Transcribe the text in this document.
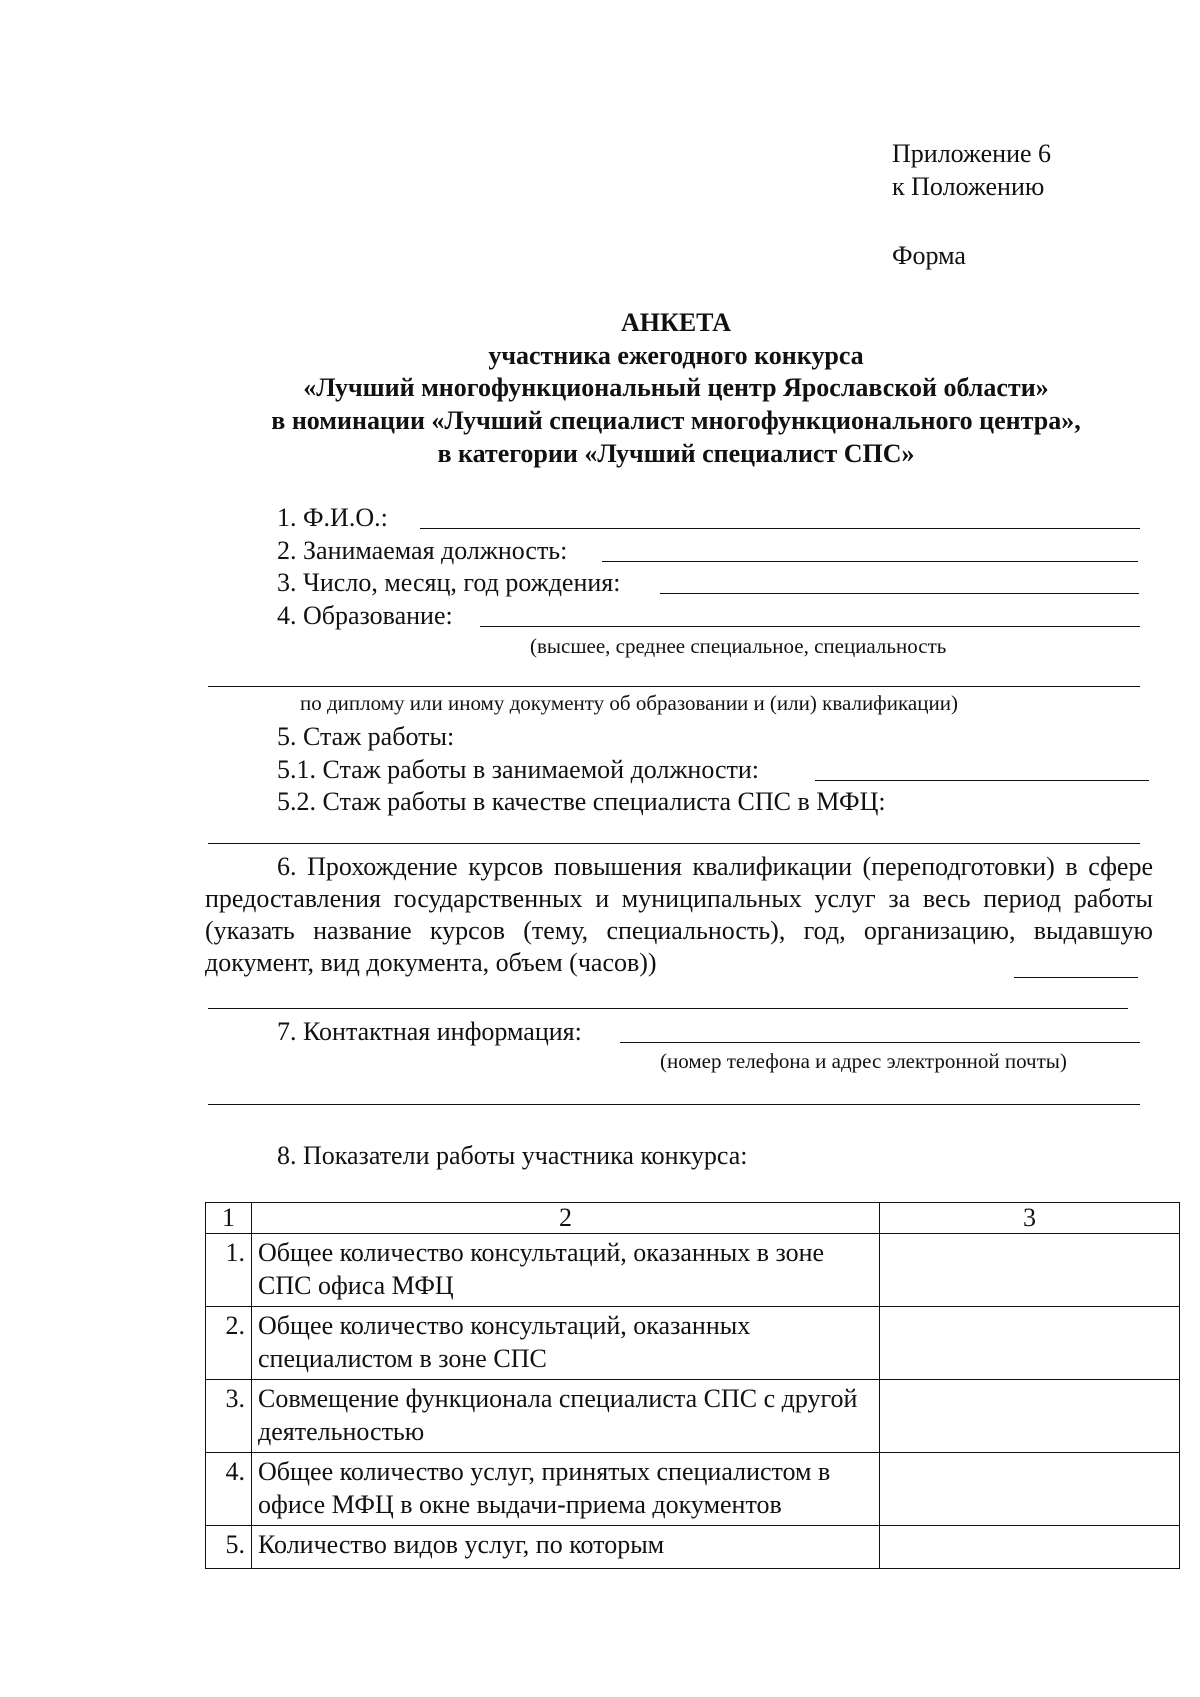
Приложение 6
к Положению
Форма
АНКЕТА
участника ежегодного конкурса
«Лучший многофункциональный центр Ярославской области»
в номинации «Лучший специалист многофункционального центра»,
в категории «Лучший специалист СПС»
1. Ф.И.О.:
2. Занимаемая должность:
3. Число, месяц, год рождения:
4. Образование:
(высшее, среднее специальное, специальность
по диплому или иному документу об образовании и (или) квалификации)
5. Стаж работы:
5.1. Стаж работы в занимаемой должности:
5.2. Стаж работы в качестве специалиста СПС в МФЦ:
6. Прохождение курсов повышения квалификации (переподготовки) в сфере предоставления государственных и муниципальных услуг за весь период работы (указать название курсов (тему, специальность), год, организацию, выдавшую документ, вид документа, объем (часов))
7. Контактная информация:
(номер телефона и адрес электронной почты)
8. Показатели работы участника конкурса:
1	2	3
1.	Общее количество консультаций, оказанных в зоне СПС офиса МФЦ	
2.	Общее количество консультаций, оказанных специалистом в зоне СПС	
3.	Совмещение функционала специалиста СПС с другой деятельностью	
4.	Общее количество услуг, принятых специалистом в офисе МФЦ в окне выдачи-приема документов	
5.	Количество видов услуг, по которым	
